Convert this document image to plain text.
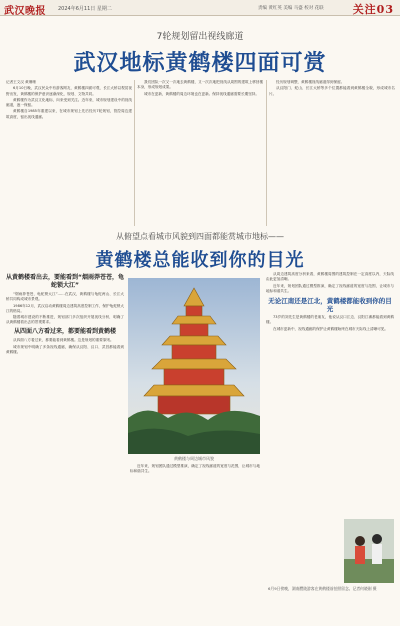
武汉晚报 2024年6月11日 星期二	责编 黄红英 美编 马盛 校对 花联	关注03
7轮规划留出视线廊道
武汉地标黄鹤楼四面可赏

记者王文汉 黄珊珊

6月10日晚，武汉民众中有游客网友，黄鹤楼四面可观，长江大桥以观赏视野出发，黄鹤楼的保护意识逐渐深化，规划、文物共同。

黄鹤楼作为武汉文化地标，向来受到关注。近年来，城市规划建设中的视线廊道，逐一保留。

黄鹤楼自1985年重建以来，在城市规划上先后经历7轮规划，管控周边建筑高度，留出视线通廊。

我们团队一次又一次地去黄鹤楼，又一次次地把视线从周围的建筑上移回楼本身，形成规划成果。

城市在更新，黄鹤楼的周边环境也在更新。保持视线通廊需要长期坚持。

经历规划调整，黄鹤楼视线廊道得到保留。

从汉阳门、蛇山、长江大桥等多个位置都能看到黄鹤楼全貌，形成城市名片。

从俯望点看城市风貌到四面都能赏城市地标——
黄鹤楼总能收到你的目光
从黄鹤楼看出去，要能看到“烟雨莽苍苍，龟蛇锁大江”

“烟雨莽苍苍，龟蛇锁大江”……在武汉，黄鹤楼与龟蛇两山、长江大桥共同构成城市景观。

1986年12月，武汉启动黄鹤楼周边建筑高度控制工作，保护龟蛇锁大江的格局。

随着城市建设的不断推进，规划部门多次组织开展视线分析，明确了从黄鹤楼看出去的景观要求。

从四面八方看过来，都要能看到黄鹤楼

从四面八方看过来，都要能看到黄鹤楼。这是规划的重要原则。

城市规划中明确了多条视线通廊，确保从汉阳、汉口、武昌都能看到黄鹤楼。

黄鹤楼与周边城市风貌

从周边建筑高度分析来看，黄鹤楼周围的建筑控制在一定高度以内，天际线由此更加清晰。

近年来，规划团队通过模型推演，确定了视线廊道的宽度与范围，让城市与地标和谐共生。

无论江南还是江北，黄鹤楼都能收到你的目光

73岁的刘先生是黄鹤楼的老朋友，他说从汉口江边、汉阳江滩都能看到黄鹤楼。

在城市更新中，视线通廊的保护让黄鹤楼始终在城市天际线上清晰可见。

近年来，规划团队通过模型推演，确定了视线廊道的宽度与范围，让城市与地标和谐共生。

6月9日傍晚，湖南醴陵游客在黄鹤楼前拍照留念。记者何晓刚 摄
